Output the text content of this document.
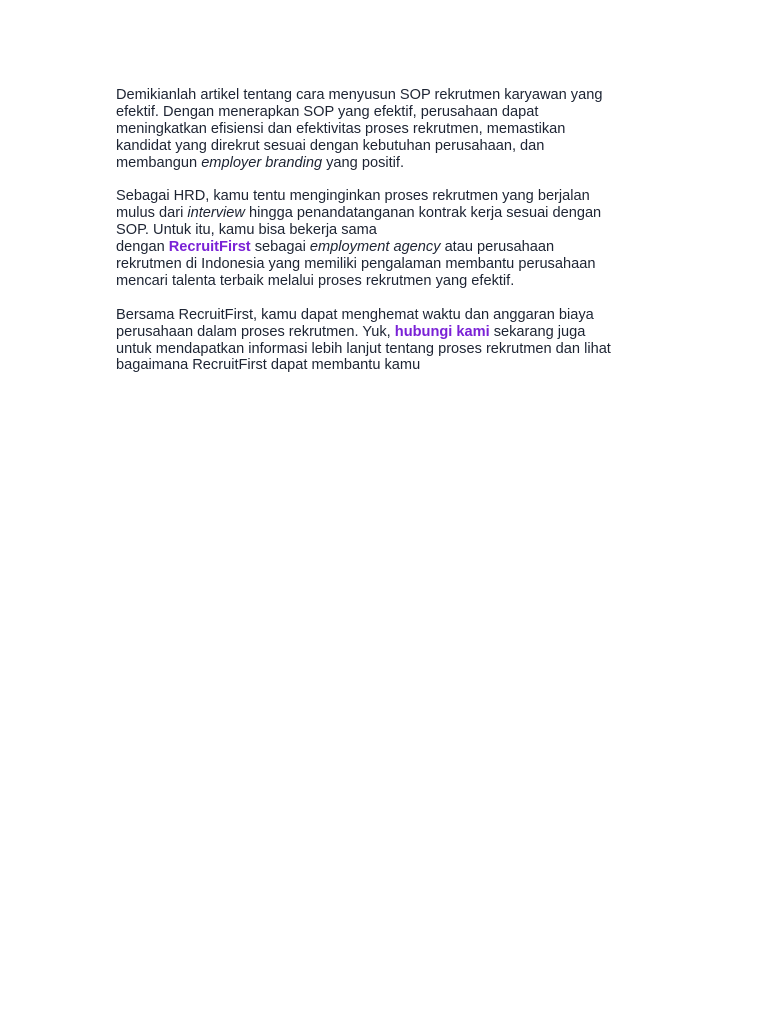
Demikianlah artikel tentang cara menyusun SOP rekrutmen karyawan yang
efektif. Dengan menerapkan SOP yang efektif, perusahaan dapat
meningkatkan efisiensi dan efektivitas proses rekrutmen, memastikan
kandidat yang direkrut sesuai dengan kebutuhan perusahaan, dan
membangun employer branding yang positif.

Sebagai HRD, kamu tentu menginginkan proses rekrutmen yang berjalan
mulus dari interview hingga penandatanganan kontrak kerja sesuai dengan
SOP. Untuk itu, kamu bisa bekerja sama
dengan RecruitFirst sebagai employment agency atau perusahaan
rekrutmen di Indonesia yang memiliki pengalaman membantu perusahaan
mencari talenta terbaik melalui proses rekrutmen yang efektif.

Bersama RecruitFirst, kamu dapat menghemat waktu dan anggaran biaya
perusahaan dalam proses rekrutmen. Yuk, hubungi kami sekarang juga
untuk mendapatkan informasi lebih lanjut tentang proses rekrutmen dan lihat
bagaimana RecruitFirst dapat membantu kamu
